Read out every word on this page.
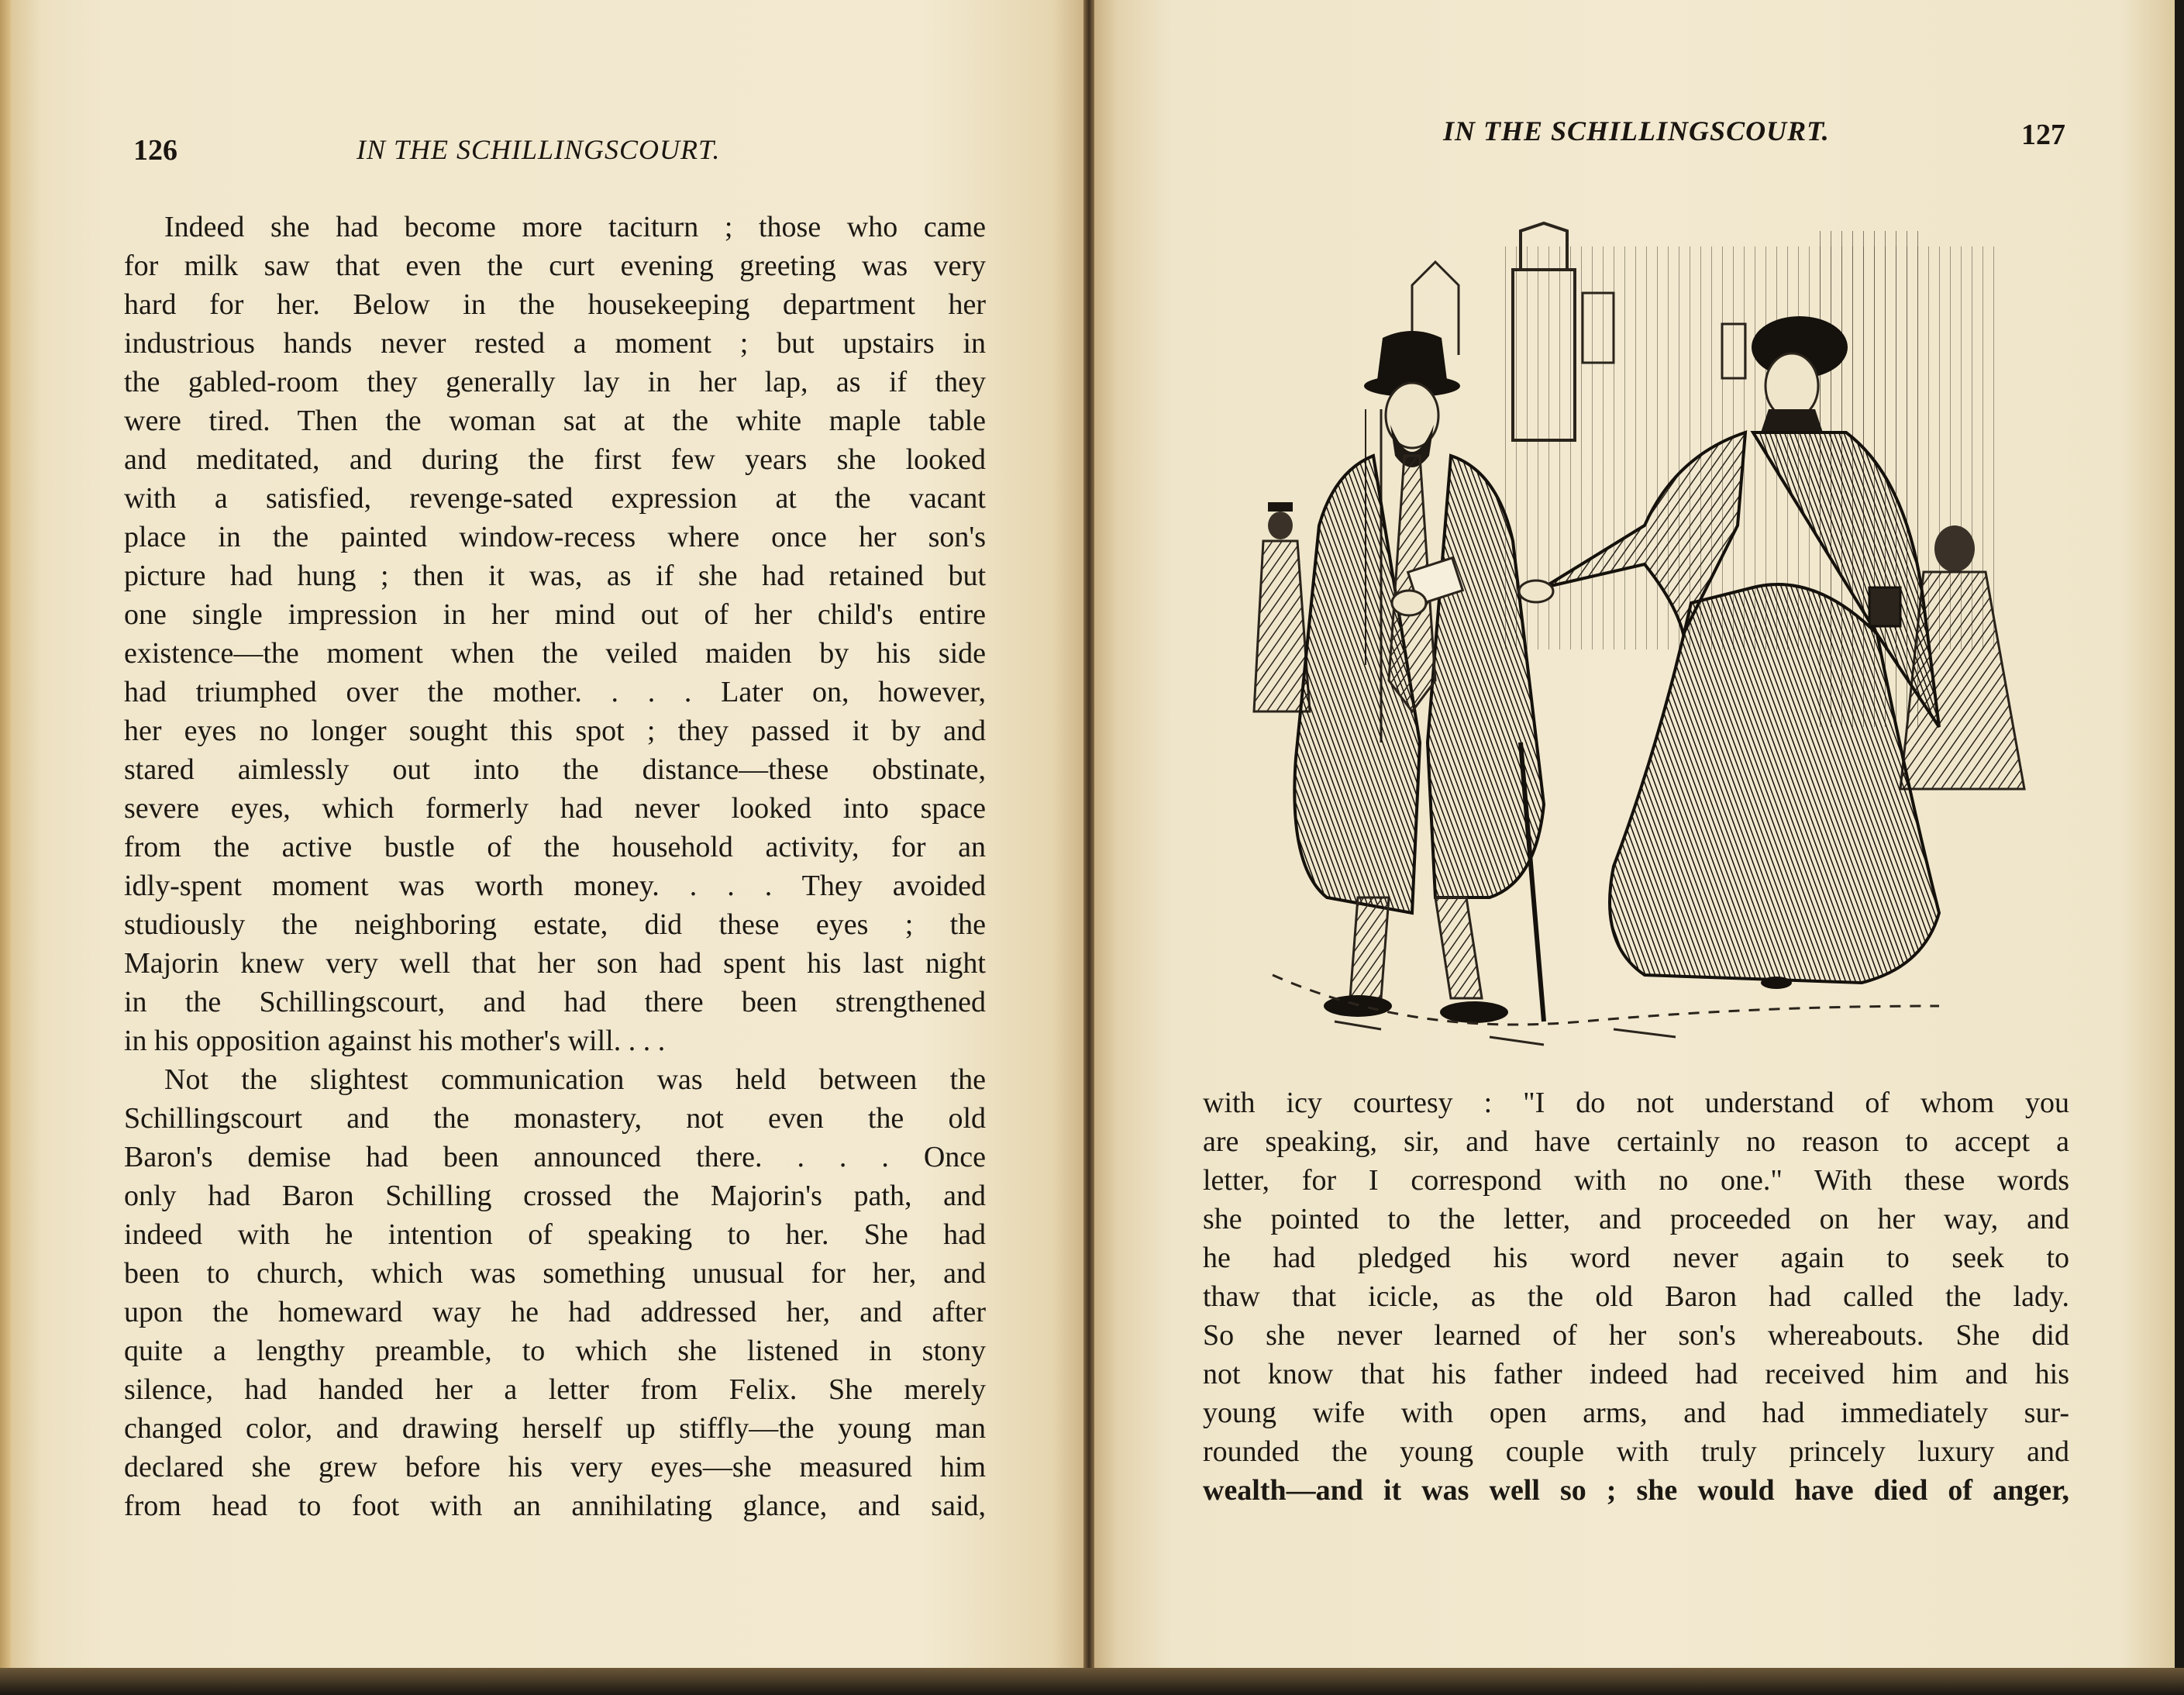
126	IN THE SCHILLINGSCOURT.
Indeed she had become more taciturn ; those who came
for milk saw that even the curt evening greeting was very
hard for her. Below in the housekeeping department her
industrious hands never rested a moment ; but upstairs in
the gabled-room they generally lay in her lap, as if they
were tired. Then the woman sat at the white maple table
and meditated, and during the first few years she looked
with a satisfied, revenge-sated expression at the vacant
place in the painted window-recess where once her son's
picture had hung ; then it was, as if she had retained but
one single impression in her mind out of her child's entire
existence—the moment when the veiled maiden by his side
had triumphed over the mother. . . . Later on, however,
her eyes no longer sought this spot ; they passed it by and
stared aimlessly out into the distance—these obstinate,
severe eyes, which formerly had never looked into space
from the active bustle of the household activity, for an
idly-spent moment was worth money. . . . They avoided
studiously the neighboring estate, did these eyes ; the
Majorin knew very well that her son had spent his last night
in the Schillingscourt, and had there been strengthened
in his opposition against his mother's will. . . .
Not the slightest communication was held between the
Schillingscourt and the monastery, not even the old
Baron's demise had been announced there. . . . Once
only had Baron Schilling crossed the Majorin's path, and
indeed with he intention of speaking to her. She had
been to church, which was something unusual for her, and
upon the homeward way he had addressed her, and after
quite a lengthy preamble, to which she listened in stony
silence, had handed her a letter from Felix. She merely
changed color, and drawing herself up stiffly—the young man
declared she grew before his very eyes—she measured him
from head to foot with an annihilating glance, and said,
IN THE SCHILLINGSCOURT.	127
with icy courtesy : "I do not understand of whom you
are speaking, sir, and have certainly no reason to accept a
letter, for I correspond with no one." With these words
she pointed to the letter, and proceeded on her way, and
he had pledged his word never again to seek to
thaw that icicle, as the old Baron had called the lady.
So she never learned of her son's whereabouts. She did
not know that his father indeed had received him and his
young wife with open arms, and had immediately sur-
rounded the young couple with truly princely luxury and
wealth—and it was well so ; she would have died of anger,
